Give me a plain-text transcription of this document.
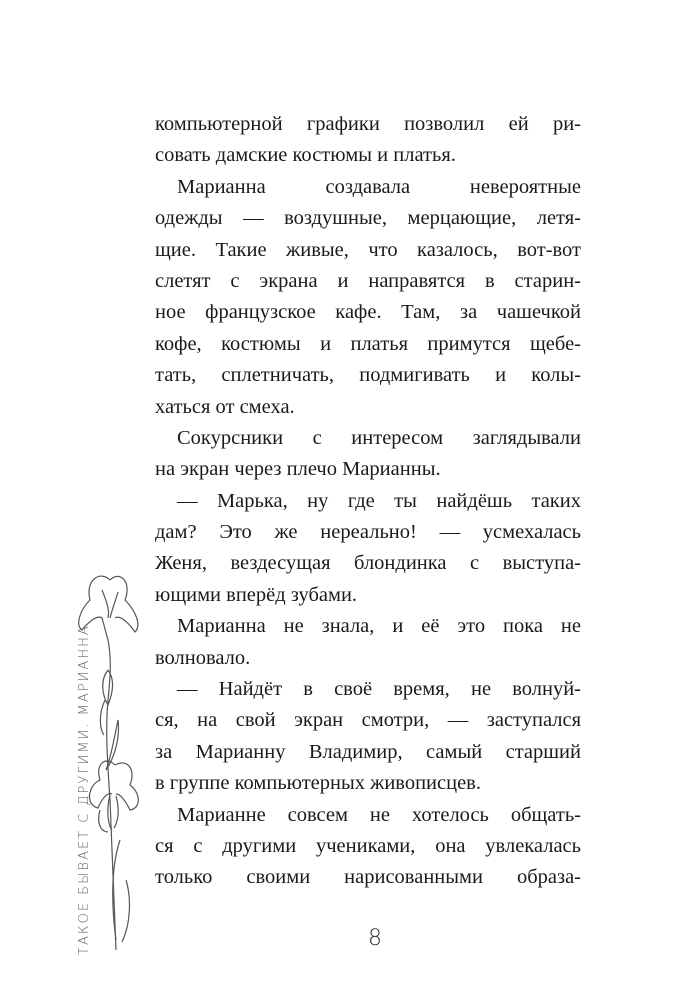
компьютерной графики позволил ей ри-
совать дамские костюмы и платья.
Марианна создавала невероятные
одежды — воздушные, мерцающие, летя-
щие. Такие живые, что казалось, вот-вот
слетят с экрана и направятся в старин-
ное французское кафе. Там, за чашечкой
кофе, костюмы и платья примутся щебе-
тать, сплетничать, подмигивать и колы-
хаться от смеха.
Сокурсники с интересом заглядывали
на экран через плечо Марианны.
— Марька, ну где ты найдёшь таких
дам? Это же нереально! — усмехалась
Женя, вездесущая блондинка с выступа-
ющими вперёд зубами.
Марианна не знала, и её это пока не
волновало.
— Найдёт в своё время, не волнуй-
ся, на свой экран смотри, — заступался
за Марианну Владимир, самый старший
в группе компьютерных живописцев.
Марианне совсем не хотелось общать-
ся с другими учениками, она увлекалась
только своими нарисованными образа-
ТАКОЕ БЫВАЕТ С ДРУГИМИ. МАРИАННА	8
